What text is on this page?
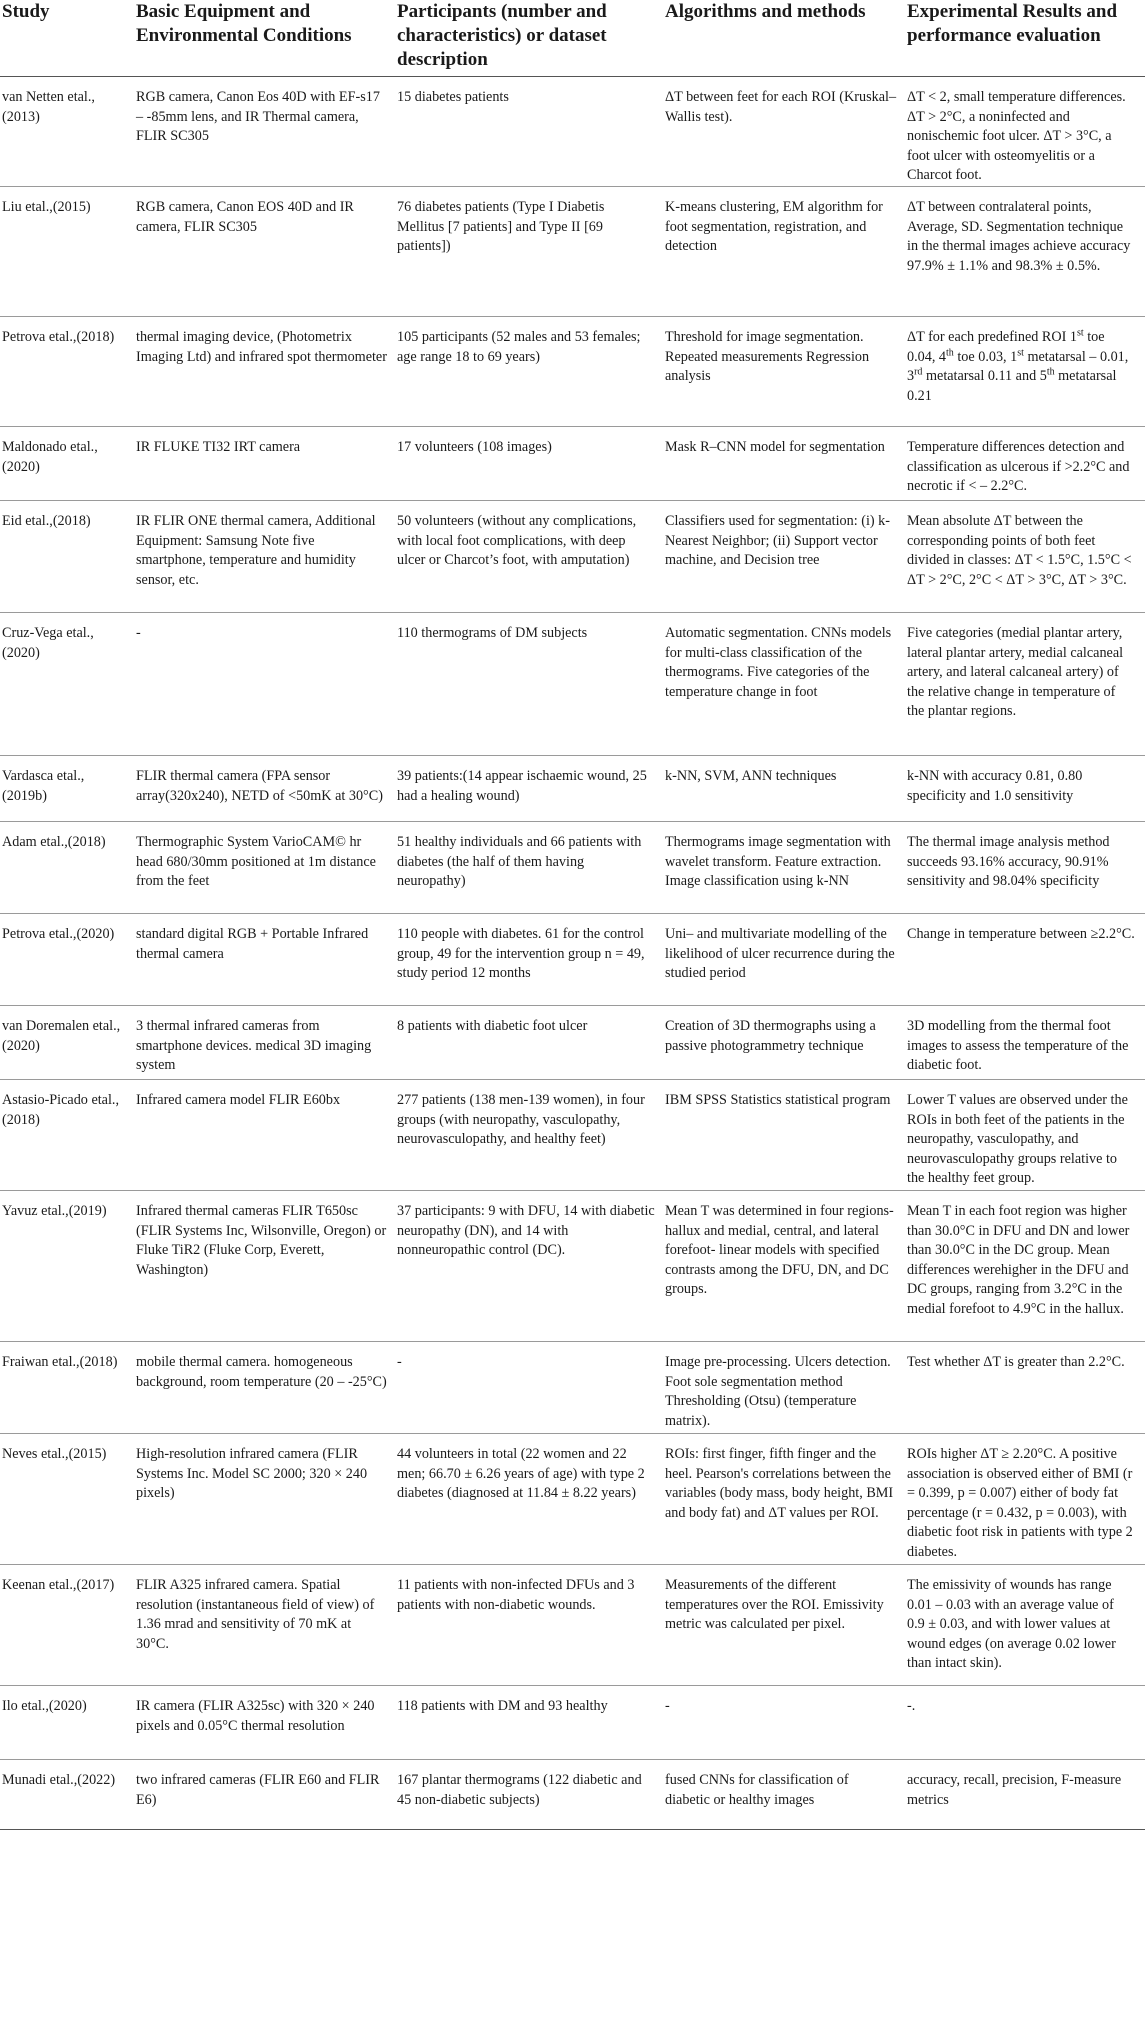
Study	Basic Equipment and Environmental Conditions	Participants (number and characteristics) or dataset description	Algorithms and methods	Experimental Results and performance evaluation
van Netten etal.,(2013)	RGB camera, Canon Eos 40D with EF-s17 – -85mm lens, and IR Thermal camera, FLIR SC305	15 diabetes patients	ΔT between feet for each ROI (Kruskal–Wallis test).	ΔT < 2, small temperature differences. ΔT > 2°C, a noninfected and nonischemic foot ulcer. ΔT > 3°C, a foot ulcer with osteomyelitis or a Charcot foot.
Liu etal.,(2015)	RGB camera, Canon EOS 40D and IR camera, FLIR SC305	76 diabetes patients (Type I Diabetis Mellitus [7 patients] and Type II [69 patients])	K-means clustering, EM algorithm for foot segmentation, registration, and detection	ΔT between contralateral points, Average, SD. Segmentation technique in the thermal images achieve accuracy 97.9% ± 1.1% and 98.3% ± 0.5%.
Petrova etal.,(2018)	thermal imaging device, (Photometrix Imaging Ltd) and infrared spot thermometer	105 participants (52 males and 53 females; age range 18 to 69 years)	Threshold for image segmentation. Repeated measurements Regression analysis	ΔT for each predefined ROI 1st toe 0.04, 4th toe 0.03, 1st metatarsal – 0.01, 3rd metatarsal 0.11 and 5th metatarsal 0.21
Maldonado etal.,(2020)	IR FLUKE TI32 IRT camera	17 volunteers (108 images)	Mask R–CNN model for segmentation	Temperature differences detection and classification as ulcerous if >2.2°C and necrotic if < – 2.2°C.
Eid etal.,(2018)	IR FLIR ONE thermal camera, Additional Equipment: Samsung Note five smartphone, temperature and humidity sensor, etc.	50 volunteers (without any complications, with local foot complications, with deep ulcer or Charcot’s foot, with amputation)	Classifiers used for segmentation: (i) k-Nearest Neighbor; (ii) Support vector machine, and Decision tree	Mean absolute ΔT between the corresponding points of both feet divided in classes: ΔT < 1.5°C, 1.5°C < ΔT > 2°C, 2°C < ΔT > 3°C, ΔT > 3°C.
Cruz-Vega etal.,(2020)	-	110 thermograms of DM subjects	Automatic segmentation. CNNs models for multi-class classification of the thermograms. Five categories of the temperature change in foot	Five categories (medial plantar artery, lateral plantar artery, medial calcaneal artery, and lateral calcaneal artery) of the relative change in temperature of the plantar regions.
Vardasca etal., (2019b)	FLIR thermal camera (FPA sensor array(320x240), NETD of <50mK at 30°C)	39 patients:(14 appear ischaemic wound, 25 had a healing wound)	k-NN, SVM, ANN techniques	k-NN with accuracy 0.81, 0.80 specificity and 1.0 sensitivity
Adam etal.,(2018)	Thermographic System VarioCAM© hr head 680/30mm positioned at 1m distance from the feet	51 healthy individuals and 66 patients with diabetes (the half of them having neuropathy)	Thermograms image segmentation with wavelet transform. Feature extraction. Image classification using k-NN	The thermal image analysis method succeeds 93.16% accuracy, 90.91% sensitivity and 98.04% specificity
Petrova etal.,(2020)	standard digital RGB + Portable Infrared thermal camera	110 people with diabetes. 61 for the control group, 49 for the intervention group n = 49, study period 12 months	Uni– and multivariate modelling of the likelihood of ulcer recurrence during the studied period	Change in temperature between ≥2.2°C.
van Doremalen etal.,(2020)	3 thermal infrared cameras from smartphone devices. medical 3D imaging system	8 patients with diabetic foot ulcer	Creation of 3D thermographs using a passive photogrammetry technique	3D modelling from the thermal foot images to assess the temperature of the diabetic foot.
Astasio-Picado etal.,(2018)	Infrared camera model FLIR E60bx	277 patients (138 men-139 women), in four groups (with neuropathy, vasculopathy, neurovasculopathy, and healthy feet)	IBM SPSS Statistics statistical program	Lower T values are observed under the ROIs in both feet of the patients in the neuropathy, vasculopathy, and neurovasculopathy groups relative to the healthy feet group.
Yavuz etal.,(2019)	Infrared thermal cameras FLIR T650sc (FLIR Systems Inc, Wilsonville, Oregon) or Fluke TiR2 (Fluke Corp, Everett, Washington)	37 participants: 9 with DFU, 14 with diabetic neuropathy (DN), and 14 with nonneuropathic control (DC).	Mean T was determined in four regions-hallux and medial, central, and lateral forefoot- linear models with specified contrasts among the DFU, DN, and DC groups.	Mean T in each foot region was higher than 30.0°C in DFU and DN and lower than 30.0°C in the DC group. Mean differences werehigher in the DFU and DC groups, ranging from 3.2°C in the medial forefoot to 4.9°C in the hallux.
Fraiwan etal.,(2018)	mobile thermal camera. homogeneous background, room temperature (20 – -25°C)	-	Image pre-processing. Ulcers detection. Foot sole segmentation method Thresholding (Otsu) (temperature matrix).	Test whether ΔT is greater than 2.2°C.
Neves etal.,(2015)	High-resolution infrared camera (FLIR Systems Inc. Model SC 2000; 320 × 240 pixels)	44 volunteers in total (22 women and 22 men; 66.70 ± 6.26 years of age) with type 2 diabetes (diagnosed at 11.84 ± 8.22 years)	ROIs: first finger, fifth finger and the heel. Pearson's correlations between the variables (body mass, body height, BMI and body fat) and ΔT values per ROI.	ROIs higher ΔT ≥ 2.20°C. A positive association is observed either of BMI (r = 0.399, p = 0.007) either of body fat percentage (r = 0.432, p = 0.003), with diabetic foot risk in patients with type 2 diabetes.
Keenan etal.,(2017)	FLIR A325 infrared camera. Spatial resolution (instantaneous field of view) of 1.36 mrad and sensitivity of 70 mK at 30°C.	11 patients with non-infected DFUs and 3 patients with non-diabetic wounds.	Measurements of the different temperatures over the ROI. Emissivity metric was calculated per pixel.	The emissivity of wounds has range 0.01 – 0.03 with an average value of 0.9 ± 0.03, and with lower values at wound edges (on average 0.02 lower than intact skin).
Ilo etal.,(2020)	IR camera (FLIR A325sc) with 320 × 240 pixels and 0.05°C thermal resolution	118 patients with DM and 93 healthy	-	-.
Munadi etal.,(2022)	two infrared cameras (FLIR E60 and FLIR E6)	167 plantar thermograms (122 diabetic and 45 non-diabetic subjects)	fused CNNs for classification of diabetic or healthy images	accuracy, recall, precision, F-measure metrics
